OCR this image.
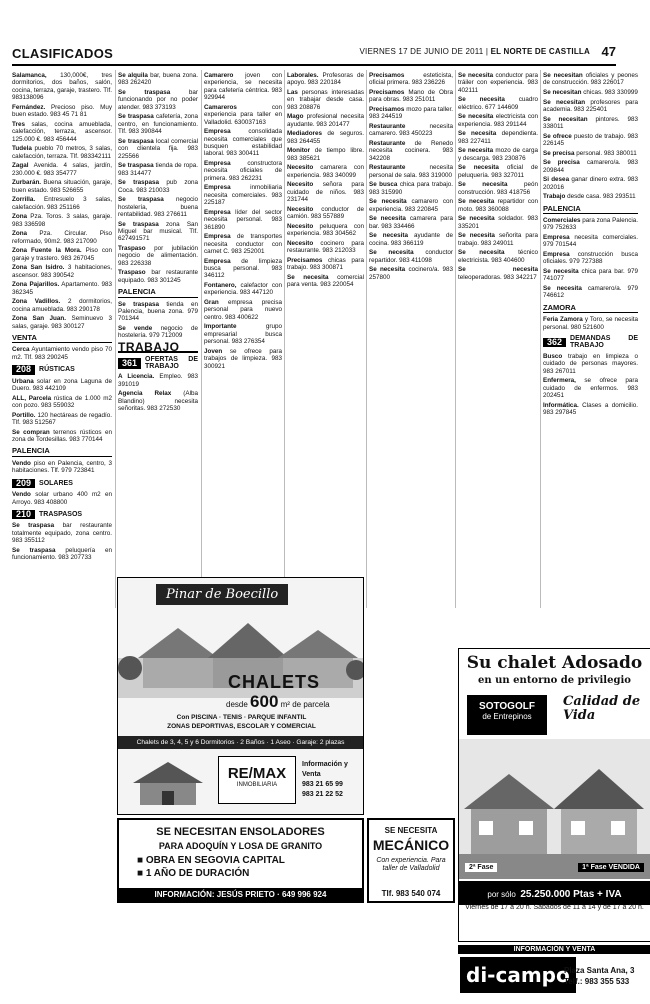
CLASIFICADOS	VIERNES 17 DE JUNIO DE 2011 | EL NORTE DE CASTILLA 47

Salamanca, 130,000€, tres dormitorios, dos baños, salón, cocina, terraza, garaje, trastero. Tlf. 983138096

Fernández. Precioso piso. Muy buen estado. 983 45 71 81

Tres salas, cocina amueblada, calefacción, terraza, ascensor. 125.000 €. 983 456444

Tudela pueblo 70 metros, 3 salas, calefacción, terraza. Tlf. 983342111

Zagal Avenida. 4 salas, jardín, 230.000 €. 983 354777

Zurbarán. Buena situación, garaje, buen estado. 983 526655

Zorrilla. Entresuelo 3 salas, calefacción. 983 251166

Zona Pza. Toros. 3 salas, garaje. 983 336598

Zona Pza. Circular. Piso reformado, 90m2. 983 217090

Zona Fuente la Mora. Piso con garaje y trastero. 983 267045

Zona San Isidro. 3 habitaciones, ascensor. 983 390542

Zona Pajarillos. Apartamento. 983 362345

Zona Vadillos. 2 dormitorios, cocina amueblada. 983 290178

Zona San Juan. Seminuevo 3 salas, garaje. 983 300127

VENTA

Cerca Ayuntamiento vendo piso 70 m2. Tlf. 983 290245

208	RÚSTICAS

Urbana solar en zona Laguna de Duero. 983 442109

ALL, Parcela rústica de 1.000 m2 con pozo. 983 559032

Portillo. 120 hectáreas de regadío. Tlf. 983 512567

Se compran terrenos rústicos en zona de Tordesillas. 983 770144

PALENCIA

Vendo piso en Palencia, centro, 3 habitaciones. Tlf. 979 723841

209	SOLARES

Vendo solar urbano 400 m2 en Arroyo. 983 408800

210	TRASPASOS

Se traspasa bar restaurante totalmente equipado, zona centro. 983 355112

Se traspasa peluquería en funcionamiento. 983 207733

Se alquila bar, buena zona. 983 262420

Se traspasa	bar funcionando por no poder atender. 983 373193

Se traspasa cafetería, zona centro, en funcionamiento. Tlf. 983 390844

Se traspasa local comercial con clientela fija. 983 225566

Se traspasa tienda de ropa. 983 314477

Se traspasa pub zona Coca. 983 210033

Se traspasa negocio hostelería, buena rentabilidad. 983 276611

Se traspasa zona San Miguel bar musical. Tlf. 627491571

Traspaso por jubilación negocio de alimentación. 983 226338

Traspaso bar restaurante equipado. 983 301245

PALENCIA

Se traspasa tienda en Palencia, buena zona. 979 701344

Se vende negocio de hostelería. 979 712009

TRABAJO
361	OFERTAS DE TRABAJO

A Licencia. Empleo. 983 391019

Agencia Relax (Alba Blandino) necesita señoritas. 983 272530

Camarero joven con experiencia, se necesita para cafetería céntrica. 983 929944

Camareros	con experiencia para taller en Valladolid. 630037163

Empresa	consolidada necesita comerciales que busquen estabilidad laboral. 983 300411

Empresa	constructora necesita oficiales de primera. 983 262231

Empresa	inmobiliaria necesita comerciales. 983 225187

Empresa líder del sector necesita personal. 983 361890

Empresa de transportes necesita conductor con carnet C. 983 252001

Empresa de limpieza busca personal. 983 346112

Fontanero, calefactor con experiencia. 983 447120

Gran empresa precisa personal para nuevo centro. 983 400622

Importante	grupo empresarial busca personal. 983 276354

Joven se ofrece para trabajos de limpieza. 983 300921

Laborales. Profesoras de apoyo. 983 220184

Las personas interesadas en trabajar desde casa. 983 208876

Mago profesional necesita ayudante. 983 201477

Mediadores de seguros. 983 264455

Monitor de tiempo libre. 983 385621

Necesito camarera con experiencia. 983 340099

Necesito señora para cuidado de niños. 983 231744

Necesito conductor de camión. 983 557889

Necesito peluquera con experiencia. 983 304562

Necesito cocinero para restaurante. 983 212033

Precisamos chicas para trabajo. 983 300871

Se necesita comercial para venta. 983 220054

Precisamos	esteticista, oficial primera. 983 236226

Precisamos Mano de Obra para obras. 983 251011

Precisamos mozo para taller. 983 244519

Restaurante	necesita camarero. 983 450223

Restaurante de Renedo necesita cocinera. 983 342208

Restaurante	necesita personal de sala. 983 319000

Se busca chica para trabajo. 983 315990

Se necesita camarero con experiencia. 983 220845

Se necesita camarera para bar. 983 334466

Se necesita ayudante de cocina. 983 366119

Se necesita conductor repartidor. 983 411098

Se necesita cocinero/a. 983 257800

Se necesita conductor para tráiler con experiencia. 983 402111

Se necesita cuadro eléctrico. 677 144609

Se necesita electricista con experiencia. 983 291144

Se necesita dependienta. 983 227411

Se necesita mozo de carga y descarga. 983 230876

Se necesita oficial de peluquería. 983 327011

Se necesita	peón construcción. 983 418756

Se necesita repartidor con moto. 983 360088

Se necesita soldador. 983 335201

Se necesita señorita para trabajo. 983 249011

Se necesita técnico electricista. 983 404600

Se necesita teleoperadoras. 983 342217

Se necesitan oficiales y peones de construcción. 983 226017

Se necesitan chicas. 983 330999

Se necesitan profesores para academia. 983 225401

Se necesitan pintores. 983 338011

Se ofrece puesto de trabajo. 983 226145

Se precisa personal. 983 380011

Se precisa camarero/a. 983 209844

Si desea ganar dinero extra. 983 202016

Trabajo desde casa. 983 293511

PALENCIA

Comerciales para zona Palencia. 979 752633

Empresa necesita comerciales. 979 701544

Empresa construcción busca oficiales. 979 727388

Se necesita chica para bar. 979 741077

Se necesita camarero/a. 979 746612

ZAMORA

Feria Zamora y Toro, se necesita personal. 980 521600

362	DEMANDAS DE TRABAJO

Busco trabajo en limpieza o cuidado de personas mayores. 983 267011

Enfermera, se ofrece para cuidado de enfermos. 983 202451

Informática. Clases a domicilio. 983 297845

Pinar de Boecillo
CHALETS
desde 600 m² de parcela
Con PISCINA · TENIS · PARQUE INFANTIL
ZONAS DEPORTIVAS, ESCOLAR Y COMERCIAL
Chalets de 3, 4, 5 y 6 Dormitorios · 2 Baños · 1 Aseo · Garaje: 2 plazas
RE/MAX
INMOBILIARIA
Información y Venta
983 21 65 99
983 21 22 52
Su chalet Adosado
en un entorno de privilegio
SOTOGOLF
de Entrepinos
Calidad de Vida
1ª Fase VENDIDA
2ª Fase
por sólo 25.250.000 Ptas + IVA
Viernes de 17 a 20 h. Sábados de 11 a 14 y de 17 a 20 h.
INFORMACIÓN Y VENTA
di-campo
Plaza Santa Ana, 3
Telf.: 983 355 533
SE NECESITAN ENSOLADORES
PARA ADOQUÍN Y LOSA DE GRANITO
■ OBRA EN SEGOVIA CAPITAL
■ 1 AÑO DE DURACIÓN
INFORMACIÓN: JESÚS PRIETO · 649 996 924
SE NECESITA
MECÁNICO
Con experiencia. Para taller de Valladolid
Tlf. 983 540 074
